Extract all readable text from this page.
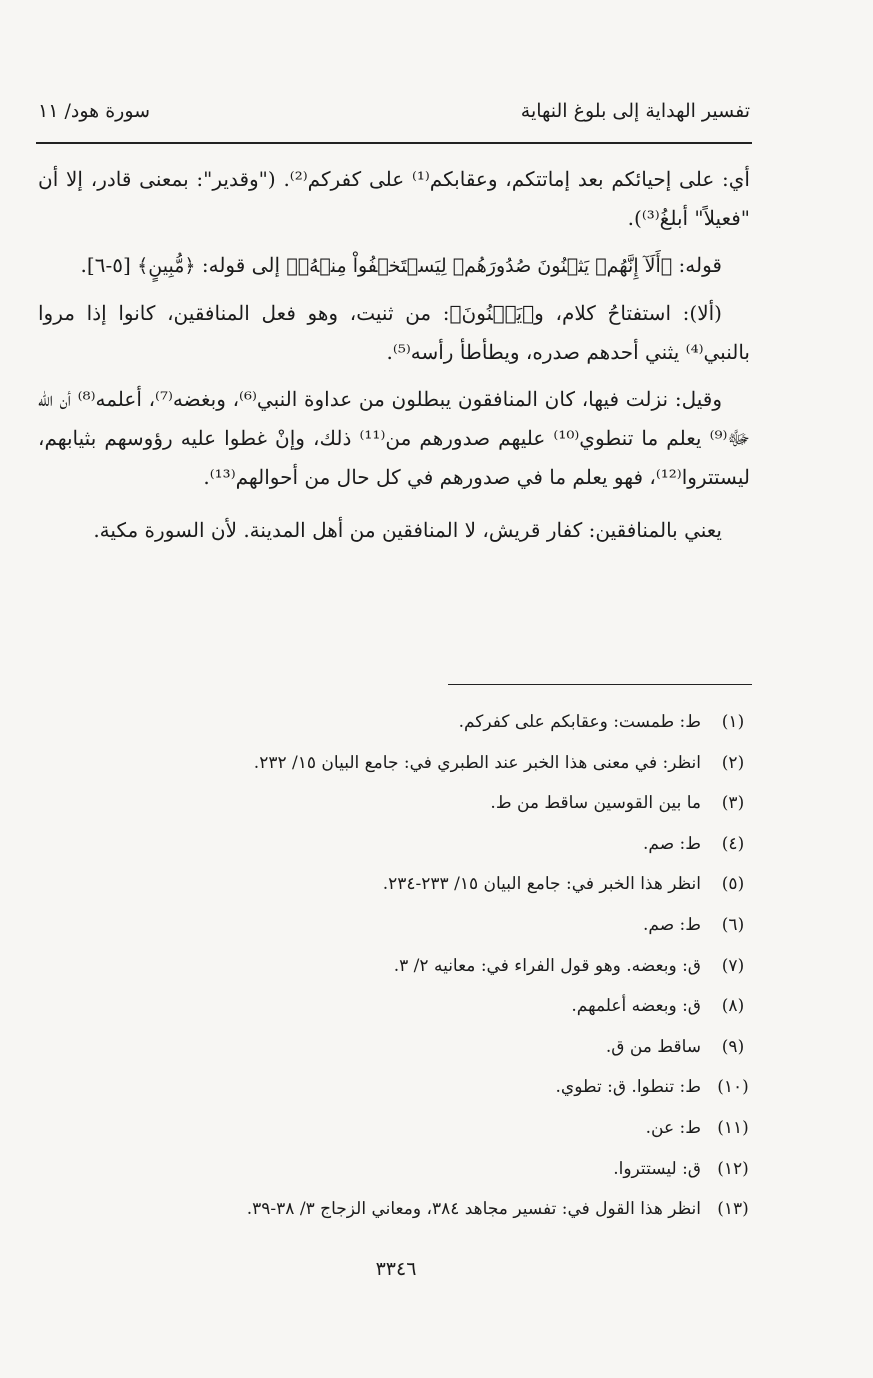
تفسير الهداية إلى بلوغ النهاية
سورة هود/ ١١

أي: على إحيائكم بعد إماتتكم، وعقابكم⁽¹⁾ على كفركم⁽²⁾. ("وقدير": بمعنى قادر، إلا أن "فعيلاً" أبلغُ⁽³⁾).

قوله: ﴿أَلَآ إِنَّهُمۡ يَثۡنُونَ صُدُورَهُمۡ لِيَسۡتَخۡفُواْ مِنۡهُۚ﴾ إلى قوله: ﴿مُّبِينٍ﴾ [٥-٦].

(ألا): استفتاحُ كلام، و﴿يَثۡنُونَ﴾: من ثنيت، وهو فعل المنافقين، كانوا إذا مروا بالنبي⁽⁴⁾ يثني أحدهم صدره، ويطأطأ رأسه⁽⁵⁾.

وقيل: نزلت فيها، كان المنافقون يبطلون من عداوة النبي⁽⁶⁾، وبغضه⁽⁷⁾، أعلمه⁽⁸⁾ أن الله ﷻ⁽⁹⁾ يعلم ما تنطوي⁽¹⁰⁾ عليهم صدورهم من⁽¹¹⁾ ذلك، وإنْ غطوا عليه رؤوسهم بثيابهم، ليستتروا⁽¹²⁾، فهو يعلم ما في صدورهم في كل حال من أحوالهم⁽¹³⁾.

يعني بالمنافقين: كفار قريش، لا المنافقين من أهل المدينة. لأن السورة مكية.

(١)
ط: طمست: وعقابكم على كفركم.
(٢)
انظر: في معنى هذا الخبر عند الطبري في: جامع البيان ١٥/ ٢٣٢.
(٣)
ما بين القوسين ساقط من ط.
(٤)
ط: صم.
(٥)
انظر هذا الخبر في: جامع البيان ١٥/ ٢٣٣-٢٣٤.
(٦)
ط: صم.
(٧)
ق: وبعضه. وهو قول الفراء في: معانيه ٢/ ٣.
(٨)
ق: وبعضه أعلمهم.
(٩)
ساقط من ق.
(١٠)
ط: تنطوا. ق: تطوي.
(١١)
ط: عن.
(١٢)
ق: ليستتروا.
(١٣)
انظر هذا القول في: تفسير مجاهد ٣٨٤، ومعاني الزجاج ٣/ ٣٨-٣٩.
٣٣٤٦
